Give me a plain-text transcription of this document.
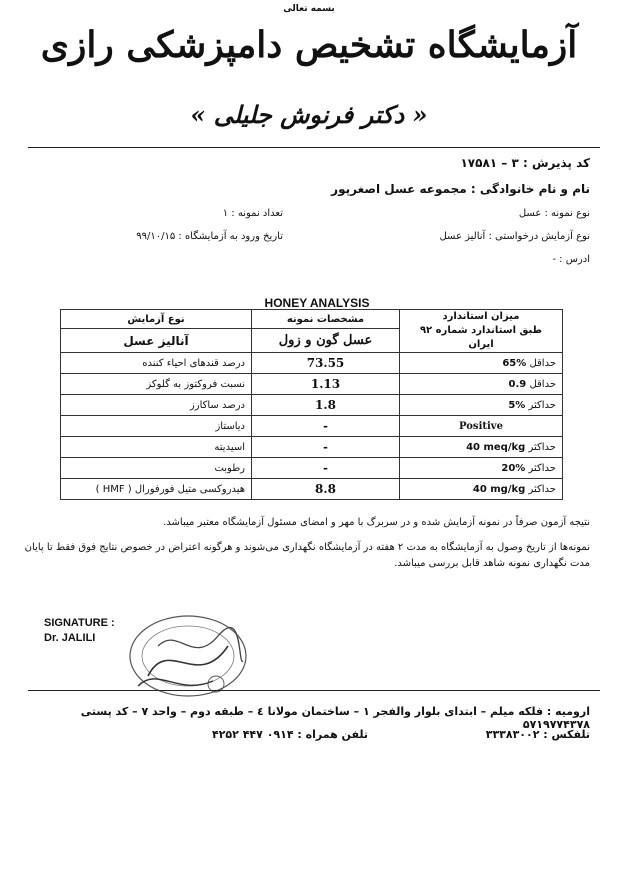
بسمه تعالی
آزمایشگاه تشخیص دامپزشکی رازی
« دکتر فرنوش جلیلی »
کد پذیرش : ۳ – ۱۷۵۸۱
نام و نام خانوادگی : مجموعه عسل اصغرپور
نوع نمونه : عسل
تعداد نمونه : ۱
نوع آزمایش درخواستی : آنالیز عسل
تاریخ ورود به آزمایشگاه : ۹۹/۱۰/۱۵
ادرس : -
HONEY ANALYSIS
میزان استاندارد
طبق استاندارد شماره ۹۲ ایران	مشخصات نمونه	نوع آزمایش
	عسل گون و زول	آنالیز عسل
حداقل 65%	73.55	درصد قندهای احیاء کننده
حداقل 0.9	1.13	نسبت فروکتوز به گلوکز
حداکثر 5%	1.8	درصد ساکارز
Positive	-	دیاستاز
حداکثر 40 meq/kg	-	اسیدیته
حداکثر 20%	-	رطوبت
حداکثر 40 mg/kg	8.8	هیدروکسی متیل فورفورال ( HMF )
نتیجه آزمون صرفاً در نمونه آزمایش شده و در سربرگ با مهر و امضای مسئول آزمایشگاه معتبر میباشد.
نمونه‌ها از تاریخ وصول به آزمایشگاه به مدت ۲ هفته در آزمایشگاه نگهداری می‌شوند و هرگونه اعتراض در خصوص نتایج فوق فقط تا پایان
مدت نگهداری نمونه شاهد قابل بررسی میباشد.
SIGNATURE :
Dr. JALILI
ارومیه : فلکه میلم – ابتدای بلوار والفجر ۱ – ساختمان مولانا ٤ – طبقه دوم – واحد ۷ – کد پستی ۵۷۱۹۷۷۴۳۷۸
تلفکس : ۳۳۳۸۳۰۰۲
تلفن همراه : ۰۹۱۴ ۴۴۷ ۴۲۵۲
